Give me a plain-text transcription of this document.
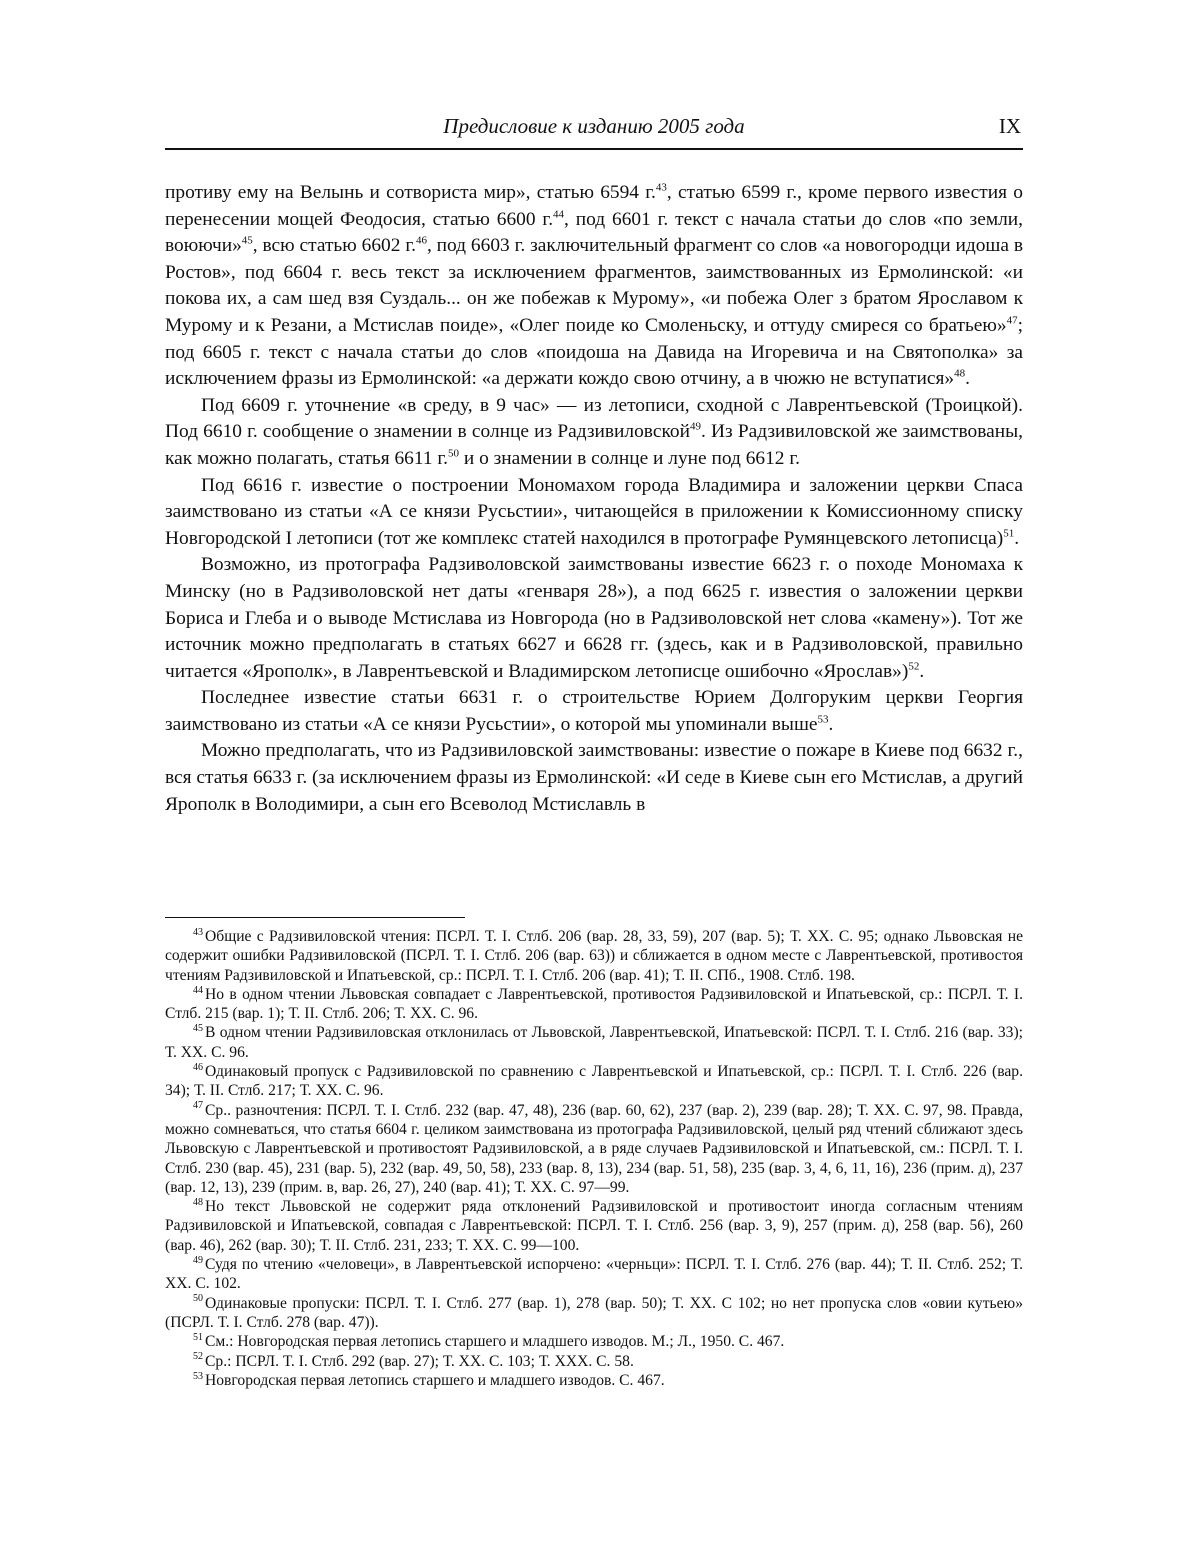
Предисловие к изданию 2005 года	IX

противу ему на Велынь и сотвориста мир», статью 6594 г.$^{43}$, статью 6599 г., кроме первого известия о перенесении мощей Феодосия, статью 6600 г.$^{44}$, под 6601 г. текст с начала статьи до слов «по земли, воюючи»$^{45}$, всю статью 6602 г.$^{46}$, под 6603 г. заключительный фрагмент со слов «а новогородци идоша в Ростов», под 6604 г. весь текст за исключением фрагментов, заимствованных из Ермолинской: «и покова их, а сам шед взя Суздаль... он же побежав к Мурому», «и побежа Олег з братом Ярославом к Мурому и к Резани, а Мстислав поиде», «Олег поиде ко Смоленьску, и оттуду смиреся со братьею»$^{47}$; под 6605 г. текст с начала статьи до слов «поидоша на Давида на Игоревича и на Святополка» за исключением фразы из Ермолинской: «а держати кождо свою отчину, а в чюжю не вступатися»$^{48}$.

Под 6609 г. уточнение «в среду, в 9 час» — из летописи, сходной с Лаврентьевской (Троицкой). Под 6610 г. сообщение о знамении в солнце из Радзивиловской$^{49}$. Из Радзивиловской же заимствованы, как можно полагать, статья 6611 г.$^{50}$ и о знамении в солнце и луне под 6612 г.

Под 6616 г. известие о построении Мономахом города Владимира и заложении церкви Спаса заимствовано из статьи «А се князи Русьстии», читающейся в приложении к Комиссионному списку Новгородской I летописи (тот же комплекс статей находился в протографе Румянцевского летописца)$^{51}$.

Возможно, из протографа Радзиволовской заимствованы известие 6623 г. о походе Мономаха к Минску (но в Радзиволовской нет даты «генваря 28»), а под 6625 г. известия о заложении церкви Бориса и Глеба и о выводе Мстислава из Новгорода (но в Радзиволовской нет слова «камену»). Тот же источник можно предполагать в статьях 6627 и 6628 гг. (здесь, как и в Радзиволовской, правильно читается «Ярополк», в Лаврентьевской и Владимирском летописце ошибочно «Ярослав»)$^{52}$.

Последнее известие статьи 6631 г. о строительстве Юрием Долгоруким церкви Георгия заимствовано из статьи «А се князи Русьстии», о которой мы упоминали выше$^{53}$.

Можно предполагать, что из Радзивиловской заимствованы: известие о пожаре в Киеве под 6632 г., вся статья 6633 г. (за исключением фразы из Ермолинской: «И седе в Киеве сын его Мстислав, а другий Ярополк в Володимири, а сын его Всеволод Мстиславль в

$^{43}$ Общие с Радзивиловской чтения: ПСРЛ. Т. I. Стлб. 206 (вар. 28, 33, 59), 207 (вар. 5); Т. XX. С. 95; однако Львовская не содержит ошибки Радзивиловской (ПСРЛ. Т. I. Стлб. 206 (вар. 63)) и сближается в одном месте с Лаврентьевской, противостоя чтениям Радзивиловской и Ипатьевской, ср.: ПСРЛ. Т. I. Стлб. 206 (вар. 41); Т. II. СПб., 1908. Стлб. 198.

$^{44}$ Но в одном чтении Львовская совпадает с Лаврентьевской, противостоя Радзивиловской и Ипатьевской, ср.: ПСРЛ. Т. I. Стлб. 215 (вар. 1); Т. II. Стлб. 206; Т. XX. С. 96.

$^{45}$ В одном чтении Радзивиловская отклонилась от Львовской, Лаврентьевской, Ипатьевской: ПСРЛ. Т. I. Стлб. 216 (вар. 33); Т. XX. С. 96.

$^{46}$ Одинаковый пропуск с Радзивиловской по сравнению с Лаврентьевской и Ипатьевской, ср.: ПСРЛ. Т. I. Стлб. 226 (вар. 34); Т. II. Стлб. 217; Т. XX. С. 96.

$^{47}$ Ср.. разночтения: ПСРЛ. Т. I. Стлб. 232 (вар. 47, 48), 236 (вар. 60, 62), 237 (вар. 2), 239 (вар. 28); Т. XX. С. 97, 98. Правда, можно сомневаться, что статья 6604 г. целиком заимствована из протографа Радзивиловской, целый ряд чтений сближают здесь Львовскую с Лаврентьевской и противостоят Радзивиловской, а в ряде случаев Радзивиловской и Ипатьевской, см.: ПСРЛ. Т. I. Стлб. 230 (вар. 45), 231 (вар. 5), 232 (вар. 49, 50, 58), 233 (вар. 8, 13), 234 (вар. 51, 58), 235 (вар. 3, 4, 6, 11, 16), 236 (прим. д), 237 (вар. 12, 13), 239 (прим. в, вар. 26, 27), 240 (вар. 41); Т. XX. С. 97—99.

$^{48}$ Но текст Львовской не содержит ряда отклонений Радзивиловской и противостоит иногда согласным чтениям Радзивиловской и Ипатьевской, совпадая с Лаврентьевской: ПСРЛ. Т. I. Стлб. 256 (вар. 3, 9), 257 (прим. д), 258 (вар. 56), 260 (вар. 46), 262 (вар. 30); Т. II. Стлб. 231, 233; Т. XX. С. 99—100.

$^{49}$ Судя по чтению «человеци», в Лаврентьевской испорчено: «черньци»: ПСРЛ. Т. I. Стлб. 276 (вар. 44); Т. II. Стлб. 252; Т. XX. С. 102.

$^{50}$ Одинаковые пропуски: ПСРЛ. Т. I. Стлб. 277 (вар. 1), 278 (вар. 50); Т. XX. С 102; но нет пропуска слов «овии кутьею» (ПСРЛ. Т. I. Стлб. 278 (вар. 47)).

$^{51}$ См.: Новгородская первая летопись старшего и младшего изводов. М.; Л., 1950. С. 467.

$^{52}$ Ср.: ПСРЛ. Т. I. Стлб. 292 (вар. 27); Т. XX. С. 103; Т. XXX. С. 58.

$^{53}$ Новгородская первая летопись старшего и младшего изводов. С. 467.
